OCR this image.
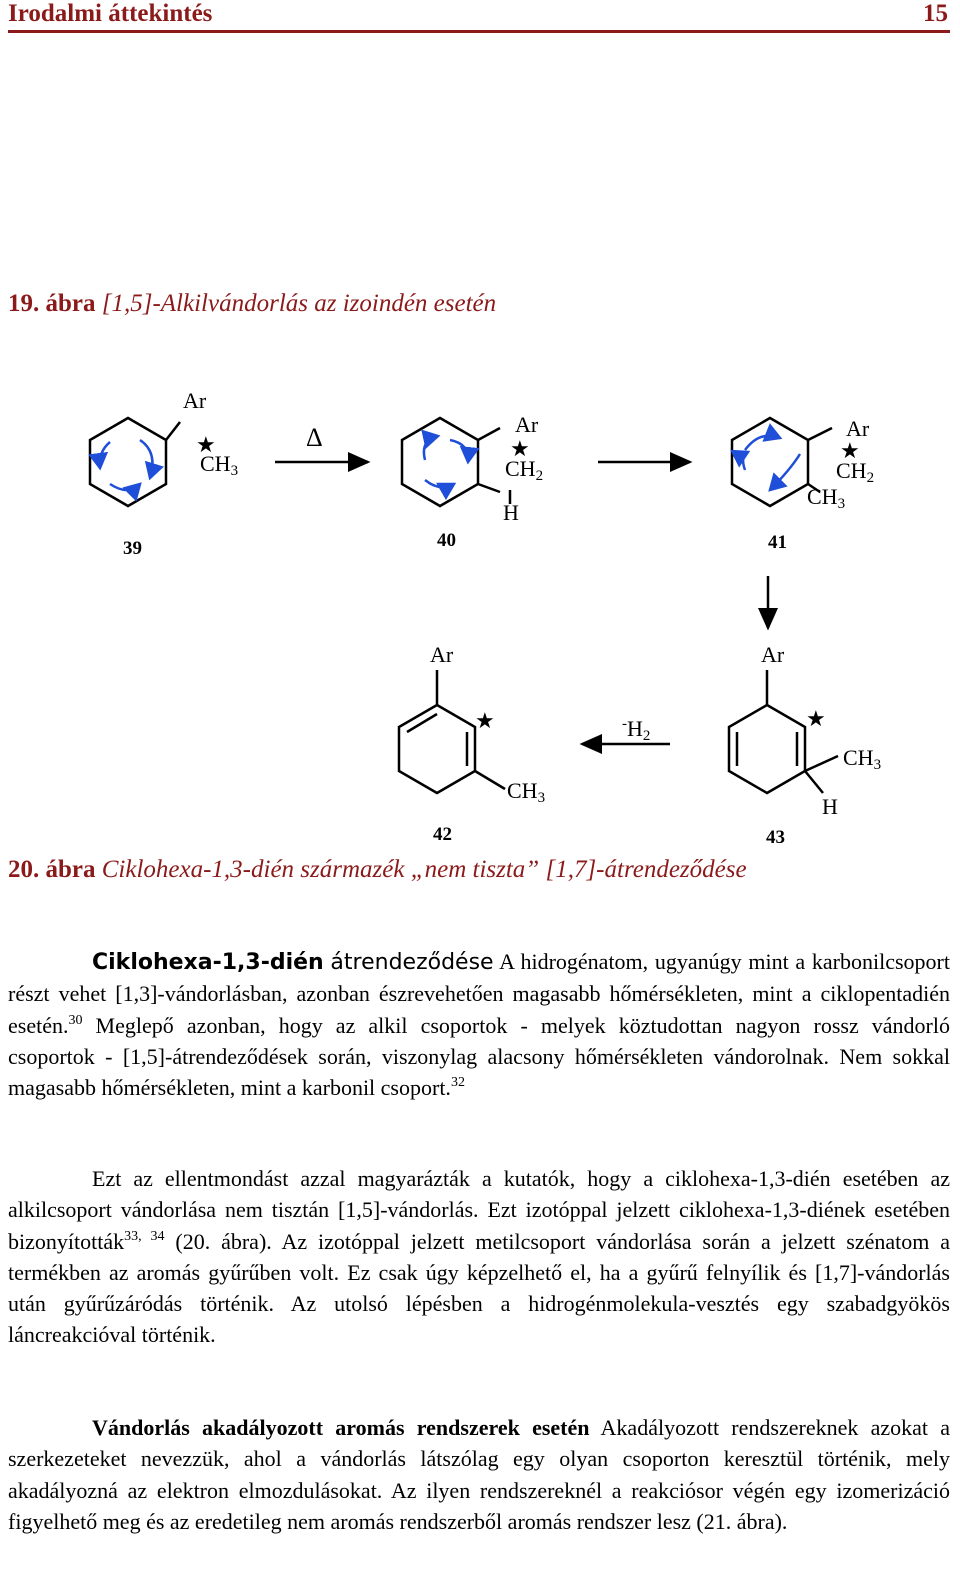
Irodalmi áttekintés	15
19. ábra [1,5]-Alkilvándorlás az izoindén esetén
Ar
CH3
★
39
Δ	Ar
★
CH2
H
40
Ar
★
CH2
CH3
41
Ar
★
CH3
42
-H2
Ar
★
CH3
H
43
20. ábra Ciklohexa-1,3-dién származék „nem tiszta” [1,7]-átrendeződése
Ciklohexa-1,3-dién átrendeződése A hidrogénatom, ugyanúgy mint a karbonilcsoport részt vehet [1,3]-vándorlásban, azonban észrevehetően magasabb hőmérsékleten, mint a ciklopentadién esetén.$^{30}$ Meglepő azonban, hogy az alkil csoportok - melyek köztudottan nagyon rossz vándorló csoportok - [1,5]-átrendeződések során, viszonylag alacsony hőmérsékleten vándorolnak. Nem sokkal magasabb hőmérsékleten, mint a karbonil csoport.$^{32}$
Ezt az ellentmondást azzal magyarázták a kutatók, hogy a ciklohexa-1,3-dién esetében az alkilcsoport vándorlása nem tisztán [1,5]-vándorlás. Ezt izotóppal jelzett ciklohexa-1,3-diének esetében bizonyították$^{33, 34}$ (20. ábra). Az izotóppal jelzett metilcsoport vándorlása során a jelzett szénatom a termékben az aromás gyűrűben volt. Ez csak úgy képzelhető el, ha a gyűrű felnyílik és [1,7]-vándorlás után gyűrűzáródás történik. Az utolsó lépésben a hidrogénmolekula-vesztés egy szabadgyökös láncreakcióval történik.
Vándorlás akadályozott aromás rendszerek esetén Akadályozott rendszereknek azokat a szerkezeteket nevezzük, ahol a vándorlás látszólag egy olyan csoporton keresztül történik, mely akadályozná az elektron elmozdulásokat. Az ilyen rendszereknél a reakciósor végén egy izomerizáció figyelhető meg és az eredetileg nem aromás rendszerből aromás rendszer lesz (21. ábra).
